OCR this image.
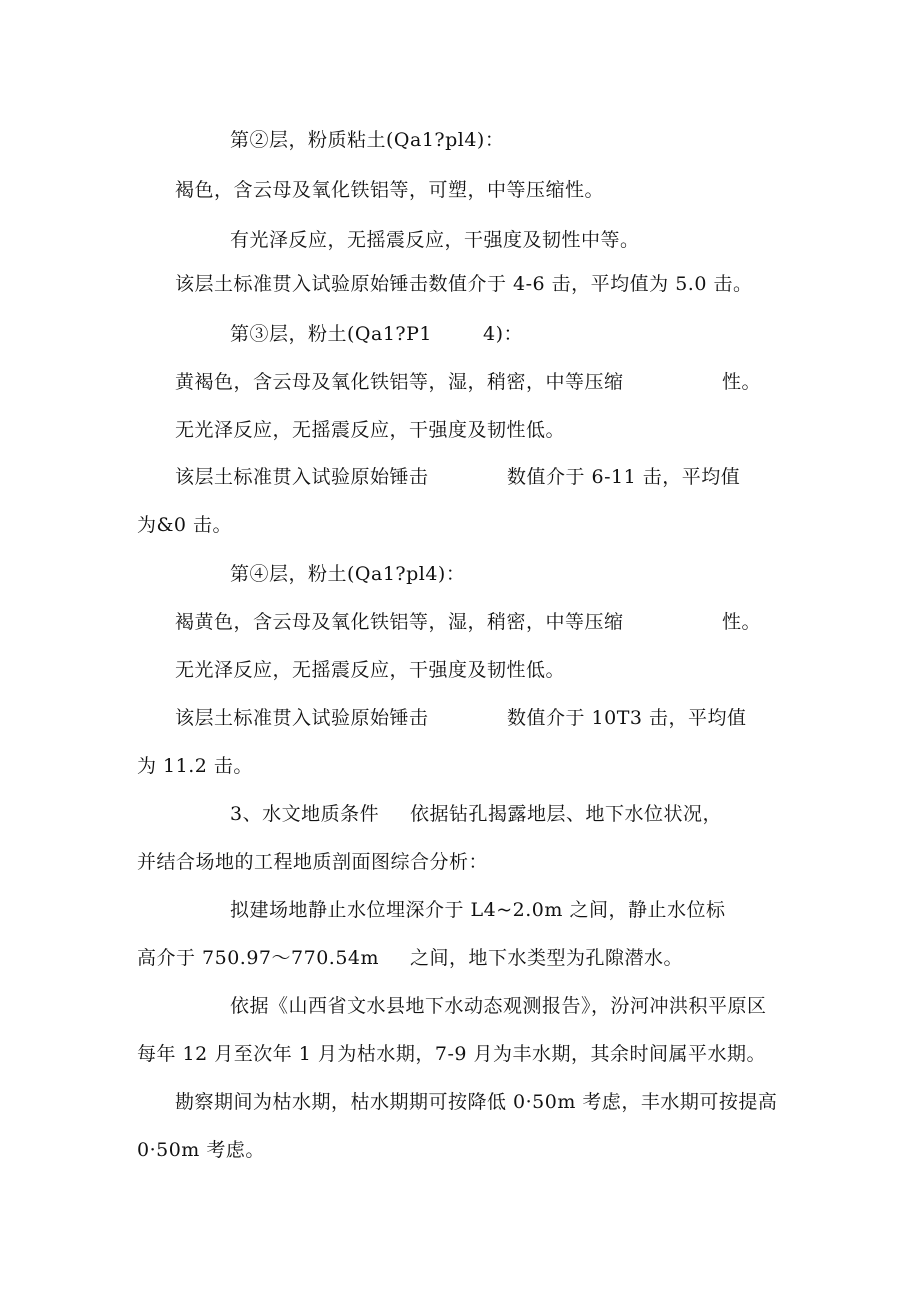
第②层，粉质粘土(Qa1?pl4)：
褐色，含云母及氧化铁铝等，可塑，中等压缩性。
有光泽反应，无摇震反应，干强度及韧性中等。
该层土标准贯入试验原始锤击数值介于 4-6 击，平均值为 5.0 击。
第③层，粉土(Qa1?P1	4)：
黄褐色，含云母及氧化铁铝等，湿，稍密，中等压缩	性。
无光泽反应，无摇震反应，干强度及韧性低。
该层土标准贯入试验原始锤击	数值介于 6-11 击，平均值
为&0 击。
第④层，粉土(Qa1?pl4)：
褐黄色，含云母及氧化铁铝等，湿，稍密，中等压缩	性。
无光泽反应，无摇震反应，干强度及韧性低。
该层土标准贯入试验原始锤击	数值介于 10T3 击，平均值
为 11.2 击。
3、水文地质条件 依据钻孔揭露地层、地下水位状况，
并结合场地的工程地质剖面图综合分析：
拟建场地静止水位埋深介于 L4~2.0m 之间，静止水位标
高介于 750.97～770.54m 之间，地下水类型为孔隙潜水。
依据《山西省文水县地下水动态观测报告》，汾河冲洪积平原区
每年 12 月至次年 1 月为枯水期，7-9 月为丰水期，其余时间属平水期。
勘察期间为枯水期，枯水期期可按降低 0·50m 考虑，丰水期可按提高
0·50m 考虑。
